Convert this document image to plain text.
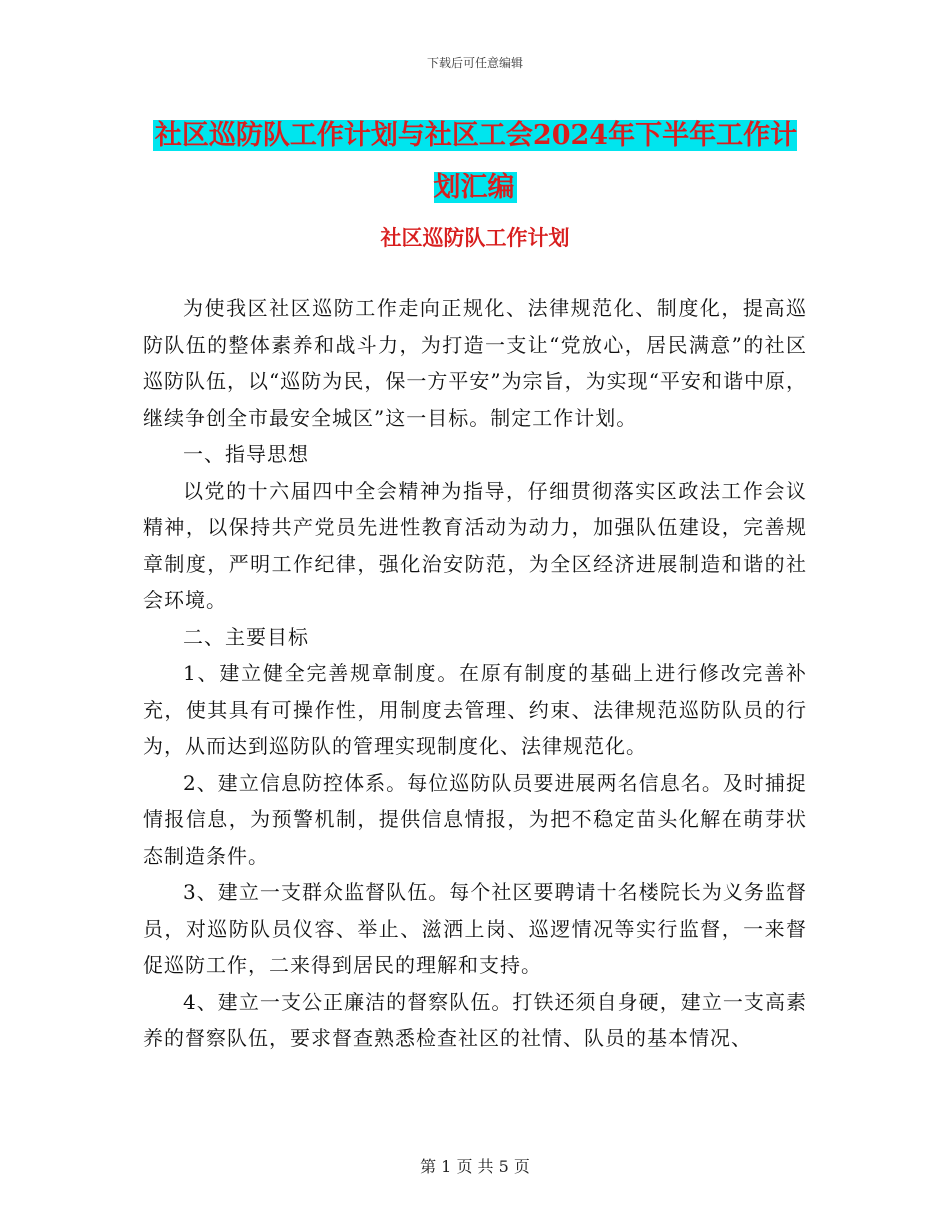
下载后可任意编辑
社区巡防队工作计划与社区工会2024年下半年工作计划汇编
社区巡防队工作计划

为使我区社区巡防工作走向正规化、法律规范化、制度化，提高巡防队伍的整体素养和战斗力，为打造一支让“党放心，居民满意”的社区巡防队伍，以“巡防为民，保一方平安”为宗旨，为实现“平安和谐中原，继续争创全市最安全城区”这一目标。制定工作计划。

一、指导思想

以党的十六届四中全会精神为指导，仔细贯彻落实区政法工作会议精神，以保持共产党员先进性教育活动为动力，加强队伍建设，完善规章制度，严明工作纪律，强化治安防范，为全区经济进展制造和谐的社会环境。

二、主要目标

1、建立健全完善规章制度。在原有制度的基础上进行修改完善补充，使其具有可操作性，用制度去管理、约束、法律规范巡防队员的行为，从而达到巡防队的管理实现制度化、法律规范化。

2、建立信息防控体系。每位巡防队员要进展两名信息名。及时捕捉情报信息，为预警机制，提供信息情报，为把不稳定苗头化解在萌芽状态制造条件。

3、建立一支群众监督队伍。每个社区要聘请十名楼院长为义务监督员，对巡防队员仪容、举止、滋洒上岗、巡逻情况等实行监督，一来督促巡防工作，二来得到居民的理解和支持。

4、建立一支公正廉洁的督察队伍。打铁还须自身硬，建立一支高素养的督察队伍，要求督查熟悉检查社区的社情、队员的基本情况、

第 1 页 共 5 页
